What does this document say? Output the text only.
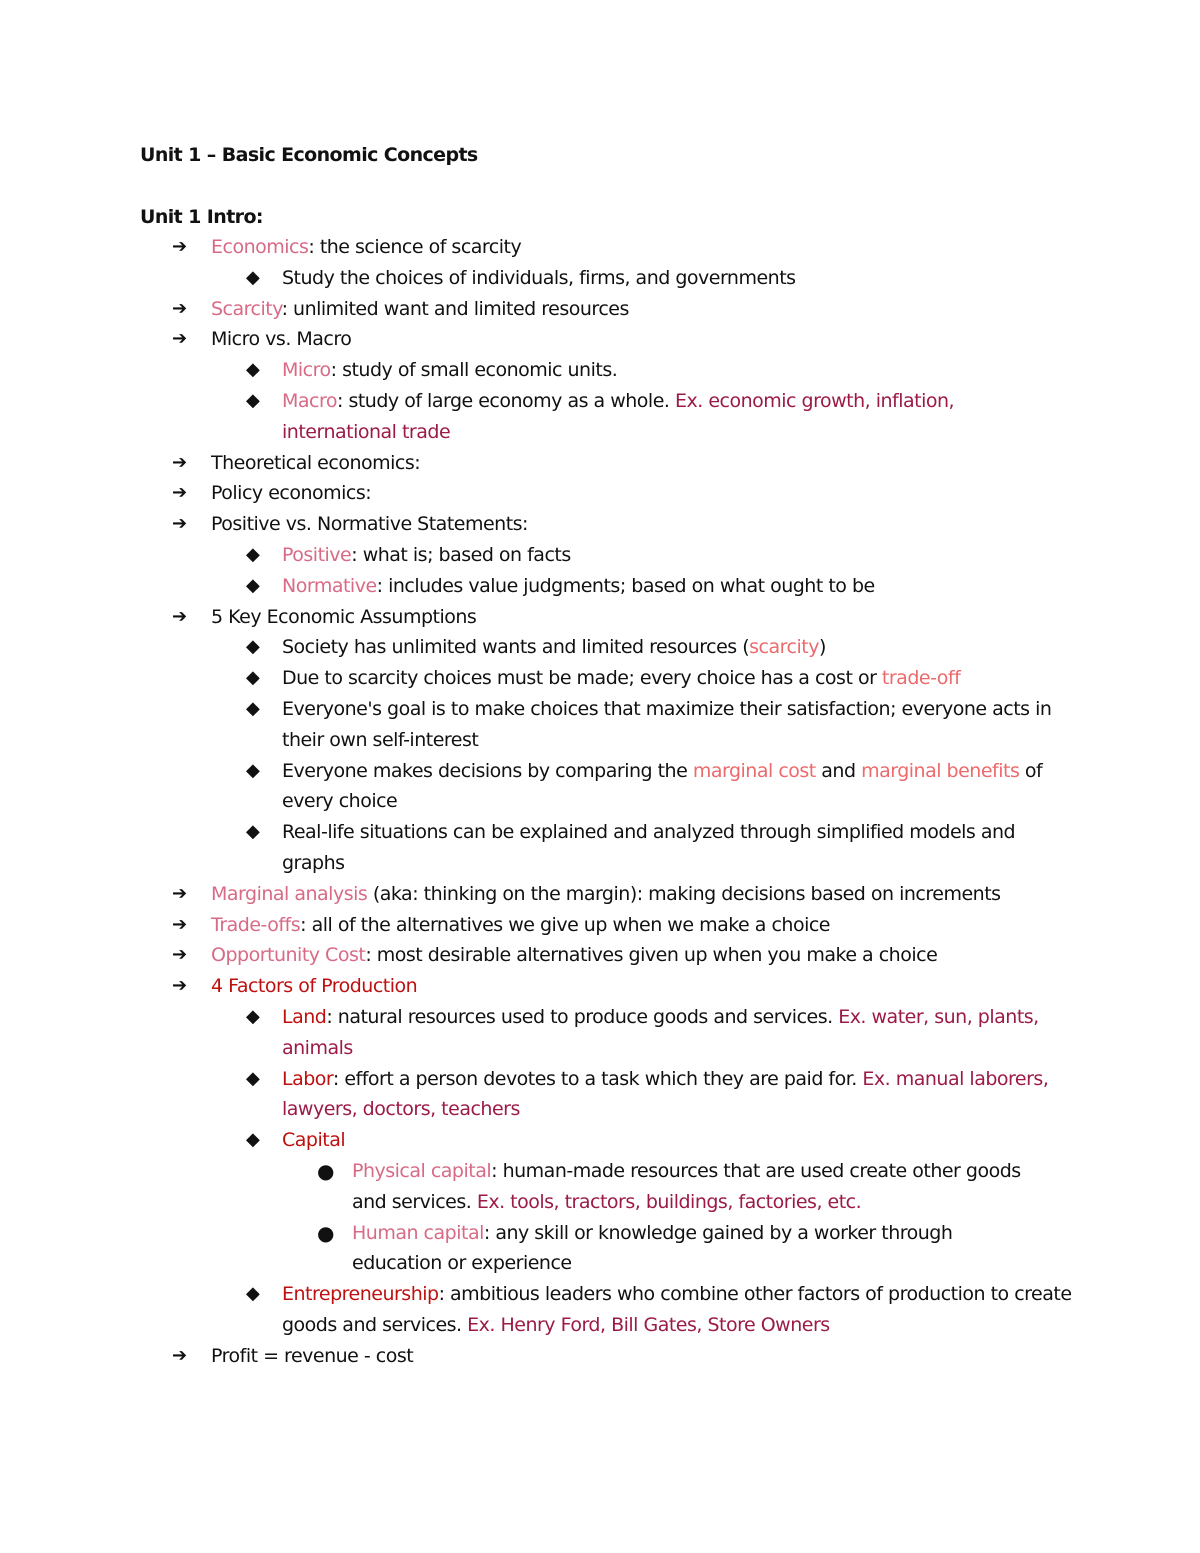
Unit 1 – Basic Economic Concepts
Unit 1 Intro:
➔ Economics: the science of scarcity
◆ Study the choices of individuals, firms, and governments
➔ Scarcity: unlimited want and limited resources
➔ Micro vs. Macro
◆ Micro: study of small economic units.
◆ Macro: study of large economy as a whole. Ex. economic growth, inflation, international trade
➔ Theoretical economics:
➔ Policy economics:
➔ Positive vs. Normative Statements:
◆ Positive: what is; based on facts
◆ Normative: includes value judgments; based on what ought to be
➔ 5 Key Economic Assumptions
◆ Society has unlimited wants and limited resources (scarcity)
◆ Due to scarcity choices must be made; every choice has a cost or trade-off
◆ Everyone's goal is to make choices that maximize their satisfaction; everyone acts in their own self-interest
◆ Everyone makes decisions by comparing the marginal cost and marginal benefits of every choice
◆ Real-life situations can be explained and analyzed through simplified models and graphs
➔ Marginal analysis (aka: thinking on the margin): making decisions based on increments
➔ Trade-offs: all of the alternatives we give up when we make a choice
➔ Opportunity Cost: most desirable alternatives given up when you make a choice
➔ 4 Factors of Production
◆ Land: natural resources used to produce goods and services. Ex. water, sun, plants, animals
◆ Labor: effort a person devotes to a task which they are paid for. Ex. manual laborers, lawyers, doctors, teachers
◆ Capital
● Physical capital: human-made resources that are used create other goods and services. Ex. tools, tractors, buildings, factories, etc.
● Human capital: any skill or knowledge gained by a worker through education or experience
◆ Entrepreneurship: ambitious leaders who combine other factors of production to create goods and services. Ex. Henry Ford, Bill Gates, Store Owners
➔ Profit = revenue - cost
